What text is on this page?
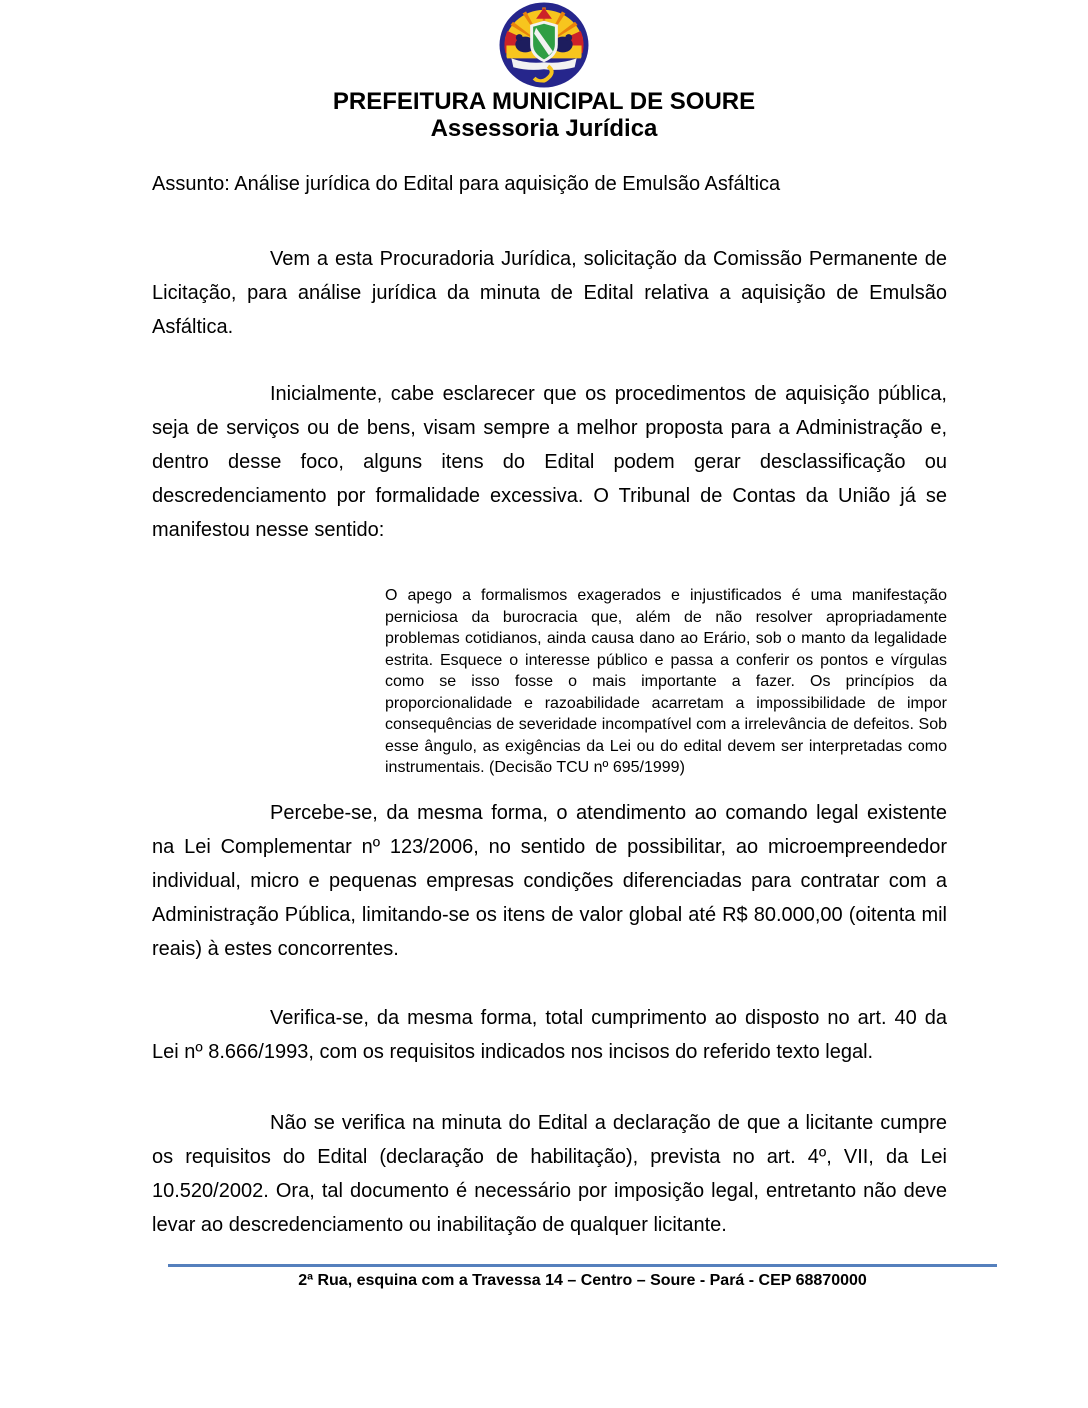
PREFEITURA MUNICIPAL DE SOURE
Assessoria Jurídica

Assunto: Análise jurídica do Edital para aquisição de Emulsão Asfáltica

Vem a esta Procuradoria Jurídica, solicitação da Comissão Permanente de Licitação, para análise jurídica da minuta de Edital relativa a aquisição de Emulsão Asfáltica.

Inicialmente, cabe esclarecer que os procedimentos de aquisição pública, seja de serviços ou de bens, visam sempre a melhor proposta para a Administração e, dentro desse foco, alguns itens do Edital podem gerar desclassificação ou descredenciamento por formalidade excessiva. O Tribunal de Contas da União já se manifestou nesse sentido:

O apego a formalismos exagerados e injustificados é uma manifestação perniciosa da burocracia que, além de não resolver apropriadamente problemas cotidianos, ainda causa dano ao Erário, sob o manto da legalidade estrita. Esquece o interesse público e passa a conferir os pontos e vírgulas como se isso fosse o mais importante a fazer. Os princípios da proporcionalidade e razoabilidade acarretam a impossibilidade de impor consequências de severidade incompatível com a irrelevância de defeitos. Sob esse ângulo, as exigências da Lei ou do edital devem ser interpretadas como instrumentais. (Decisão TCU nº 695/1999)

Percebe-se, da mesma forma, o atendimento ao comando legal existente na Lei Complementar nº 123/2006, no sentido de possibilitar, ao microempreendedor individual, micro e pequenas empresas condições diferenciadas para contratar com a Administração Pública, limitando-se os itens de valor global até R$ 80.000,00 (oitenta mil reais) à estes concorrentes.

Verifica-se, da mesma forma, total cumprimento ao disposto no art. 40 da Lei nº 8.666/1993, com os requisitos indicados nos incisos do referido texto legal.

Não se verifica na minuta do Edital a declaração de que a licitante cumpre os requisitos do Edital (declaração de habilitação), prevista no art. 4º, VII, da Lei 10.520/2002. Ora, tal documento é necessário por imposição legal, entretanto não deve levar ao descredenciamento ou inabilitação de qualquer licitante.

2ª Rua, esquina com a Travessa 14 – Centro – Soure - Pará - CEP 68870000
